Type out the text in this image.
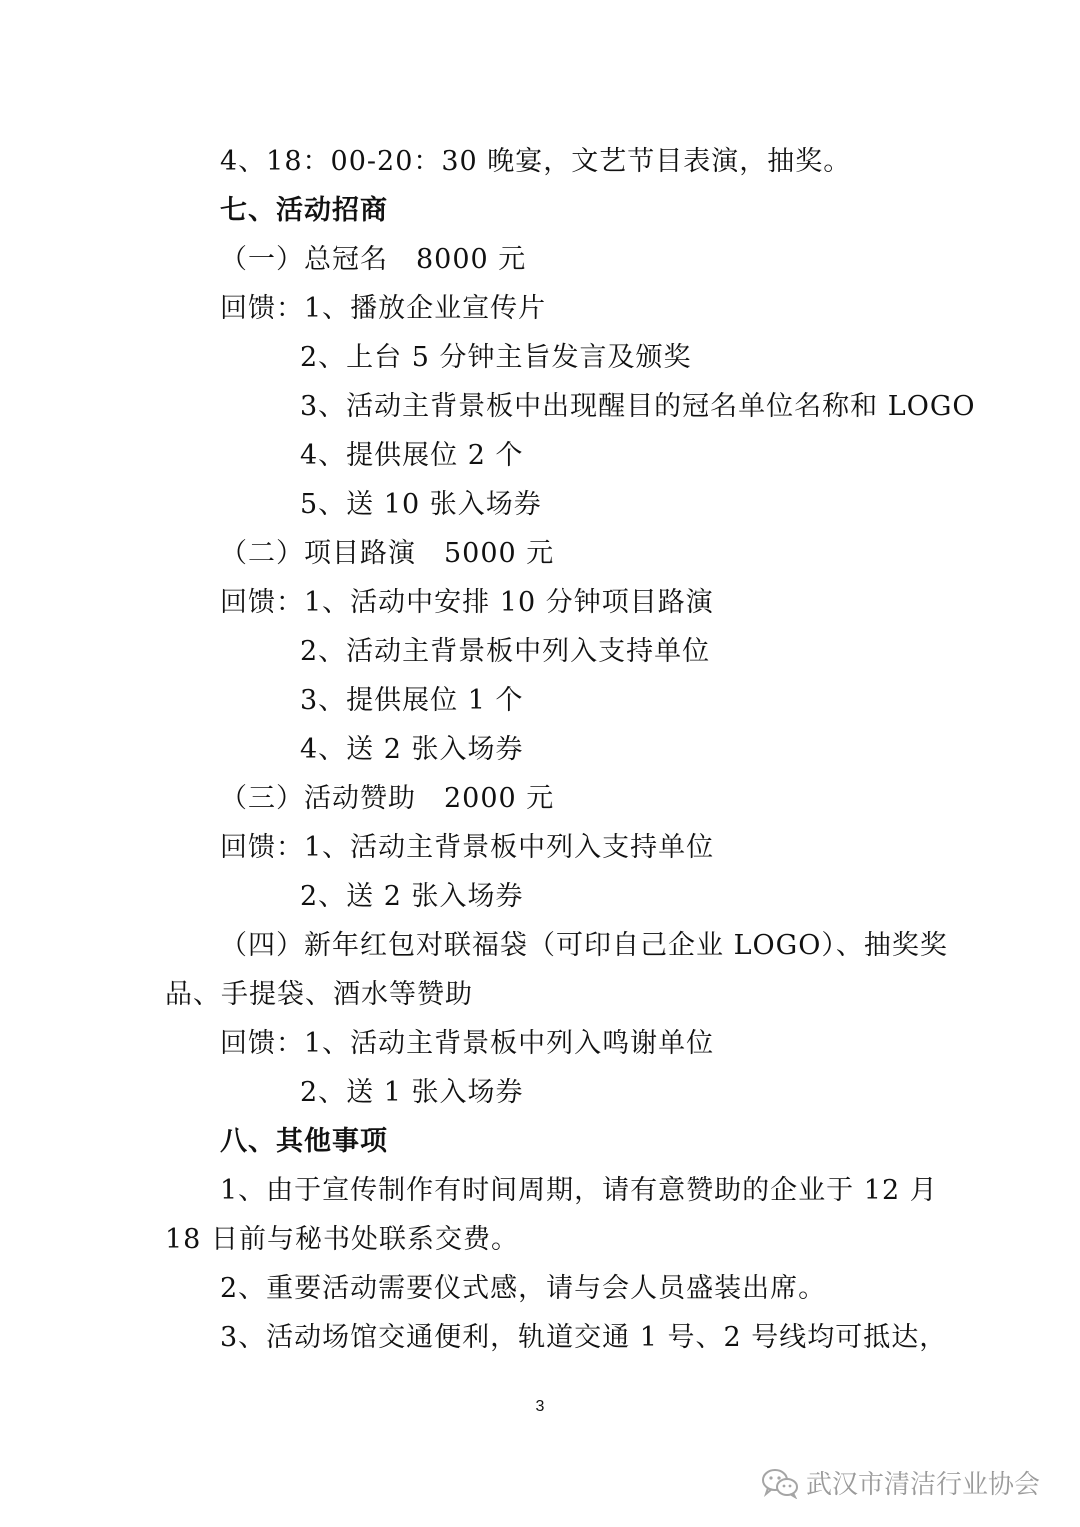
4、18：00-20：30 晚宴，文艺节目表演，抽奖。
七、活动招商
（一）总冠名　8000 元
回馈：1、播放企业宣传片
2、上台 5 分钟主旨发言及颁奖
3、活动主背景板中出现醒目的冠名单位名称和 LOGO
4、提供展位 2 个
5、送 10 张入场券
（二）项目路演　5000 元
回馈：1、活动中安排 10 分钟项目路演
2、活动主背景板中列入支持单位
3、提供展位 1 个
4、送 2 张入场券
（三）活动赞助　2000 元
回馈：1、活动主背景板中列入支持单位
2、送 2 张入场券
（四）新年红包对联福袋（可印自己企业 LOGO）、抽奖奖
品、手提袋、酒水等赞助
回馈：1、活动主背景板中列入鸣谢单位
2、送 1 张入场券
八、其他事项
1、由于宣传制作有时间周期，请有意赞助的企业于 12 月
18 日前与秘书处联系交费。
2、重要活动需要仪式感，请与会人员盛装出席。
3、活动场馆交通便利，轨道交通 1 号、2 号线均可抵达，
3
武汉市清洁行业协会
